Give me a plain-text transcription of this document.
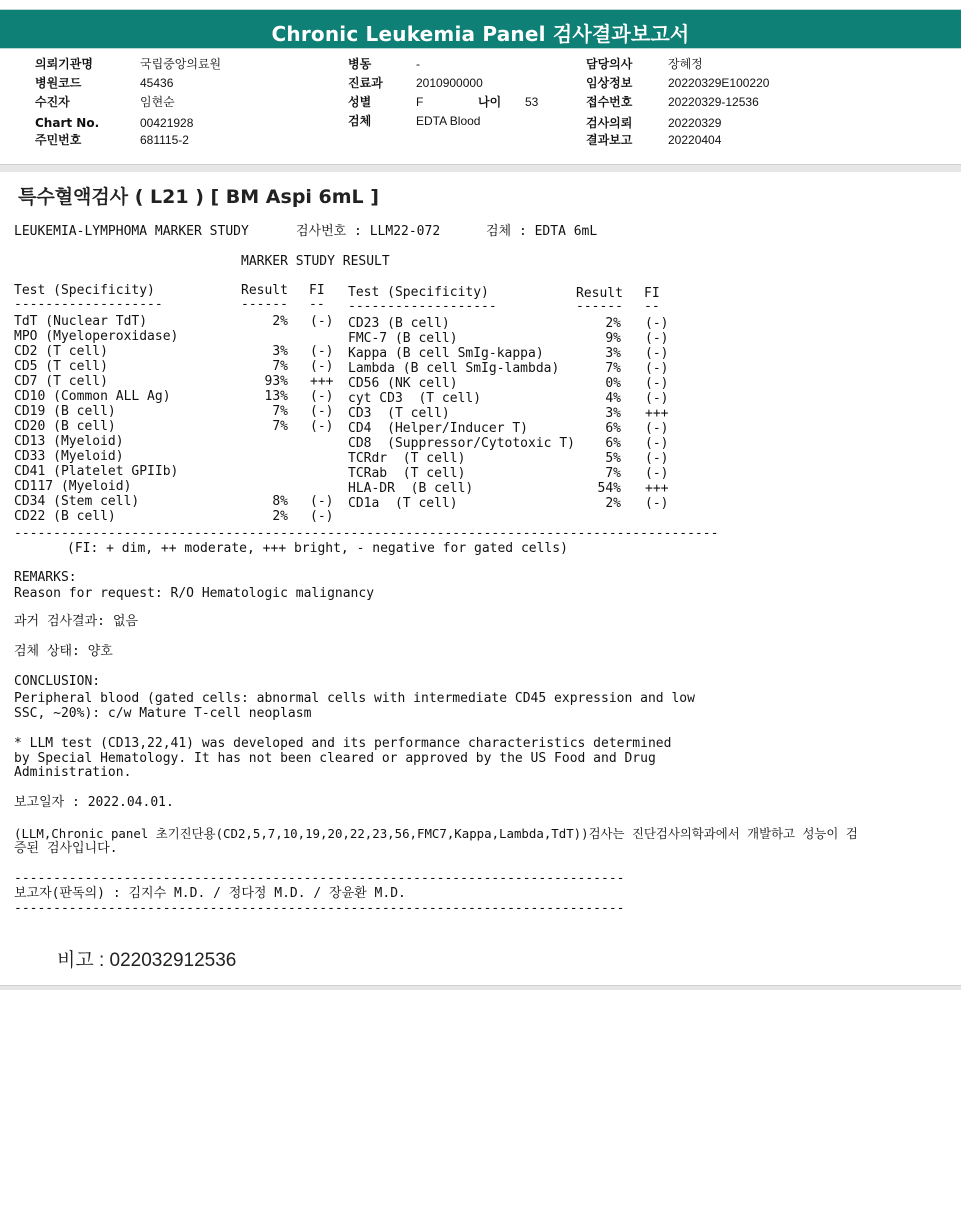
Chronic Leukemia Panel 검사결과보고서
의뢰기관명	국립중앙의료원
병원코드	45436
수진자	임현순
Chart No.	00421928
주민번호	681115-2
병동	-
진료과	2010900000
성별	F	나이 53
검체	EDTA Blood
담당의사	장혜정
임상정보	20220329E100220
접수번호	20220329-12536
검사의뢰	20220329
결과보고	20220404
특수혈액검사 ( L21 ) [ BM Aspi 6mL ]
LEUKEMIA-LYMPHOMA MARKER STUDY	검사번호 : LLM22-072	검체 : EDTA 6mL
MARKER STUDY RESULT
Test (Specificity)	Result FI Test (Specificity)	Result FI
-------------------	------ -- -------------------	------ --
TdT (Nuclear TdT)	2% (-)
MPO (Myeloperoxidase)
CD2 (T cell)	3% (-)
CD5 (T cell)	7% (-)
CD7 (T cell)	93% +++
CD10 (Common ALL Ag)	13% (-)
CD19 (B cell)	7% (-)
CD20 (B cell)	7% (-)
CD13 (Myeloid)
CD33 (Myeloid)
CD41 (Platelet GPIIb)
CD117 (Myeloid)
CD34 (Stem cell)	8% (-)
CD22 (B cell)	2% (-)
CD23 (B cell)	2% (-)
FMC-7 (B cell)	9% (-)
Kappa (B cell SmIg-kappa)	3% (-)
Lambda (B cell SmIg-lambda)	7% (-)
CD56 (NK cell)	0% (-)
cyt CD3  (T cell)	4% (-)
CD3  (T cell)	3% +++
CD4  (Helper/Inducer T)	6% (-)
CD8  (Suppressor/Cytotoxic T)	6% (-)
TCRdr  (T cell)	5% (-)
TCRab  (T cell)	7% (-)
HLA-DR  (B cell)	54% +++
CD1a  (T cell)	2% (-)
------------------------------------------------------------------------------------------
(FI: + dim, ++ moderate, +++ bright, - negative for gated cells)
REMARKS:
Reason for request: R/O Hematologic malignancy
과거 검사결과: 없음
검체 상태: 양호
CONCLUSION:
Peripheral blood (gated cells: abnormal cells with intermediate CD45 expression and low
SSC, ~20%): c/w Mature T-cell neoplasm
* LLM test (CD13,22,41) was developed and its performance characteristics determined
by Special Hematology. It has not been cleared or approved by the US Food and Drug
Administration.
보고일자 : 2022.04.01.
(LLM,Chronic panel 초기진단용(CD2,5,7,10,19,20,22,23,56,FMC7,Kappa,Lambda,TdT))검사는 진단검사의학과에서 개발하고 성능이 검
증된 검사입니다.
------------------------------------------------------------------------------
보고자(판독의) : 김지수 M.D. / 정다정 M.D. / 장윤환 M.D.
------------------------------------------------------------------------------
비고 : 022032912536
